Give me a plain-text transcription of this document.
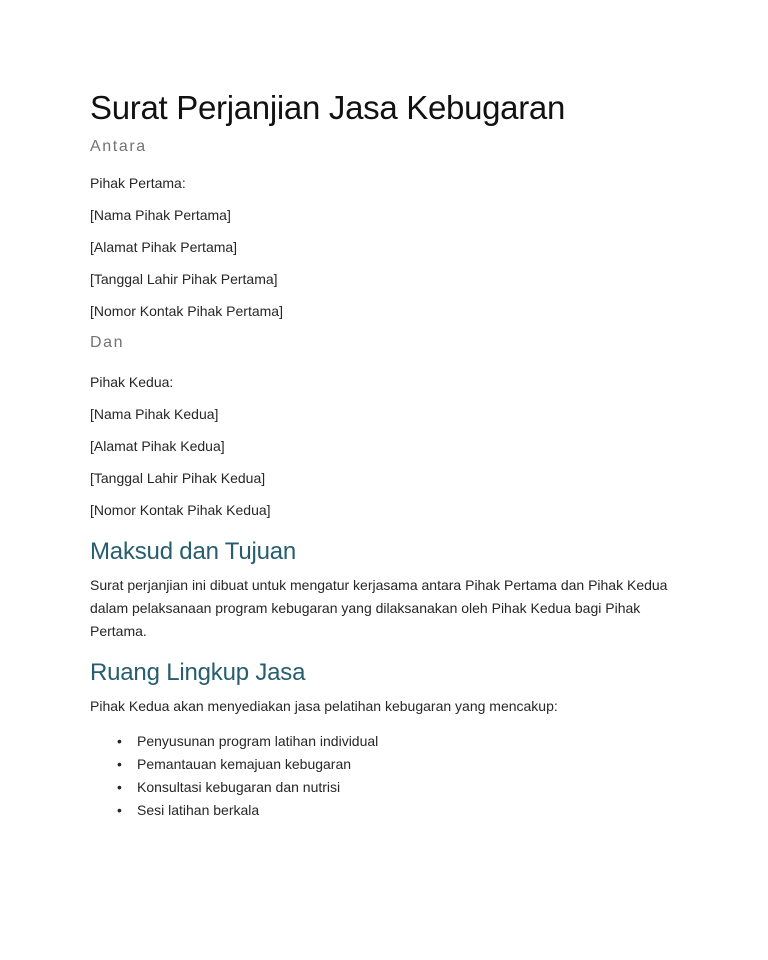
Surat Perjanjian Jasa Kebugaran
Antara

Pihak Pertama:

[Nama Pihak Pertama]

[Alamat Pihak Pertama]

[Tanggal Lahir Pihak Pertama]

[Nomor Kontak Pihak Pertama]

Dan

Pihak Kedua:

[Nama Pihak Kedua]

[Alamat Pihak Kedua]

[Tanggal Lahir Pihak Kedua]

[Nomor Kontak Pihak Kedua]

Maksud dan Tujuan

Surat perjanjian ini dibuat untuk mengatur kerjasama antara Pihak Pertama dan Pihak Kedua dalam pelaksanaan program kebugaran yang dilaksanakan oleh Pihak Kedua bagi Pihak Pertama.

Ruang Lingkup Jasa

Pihak Kedua akan menyediakan jasa pelatihan kebugaran yang mencakup:

• Penyusunan program latihan individual
• Pemantauan kemajuan kebugaran
• Konsultasi kebugaran dan nutrisi
• Sesi latihan berkala
